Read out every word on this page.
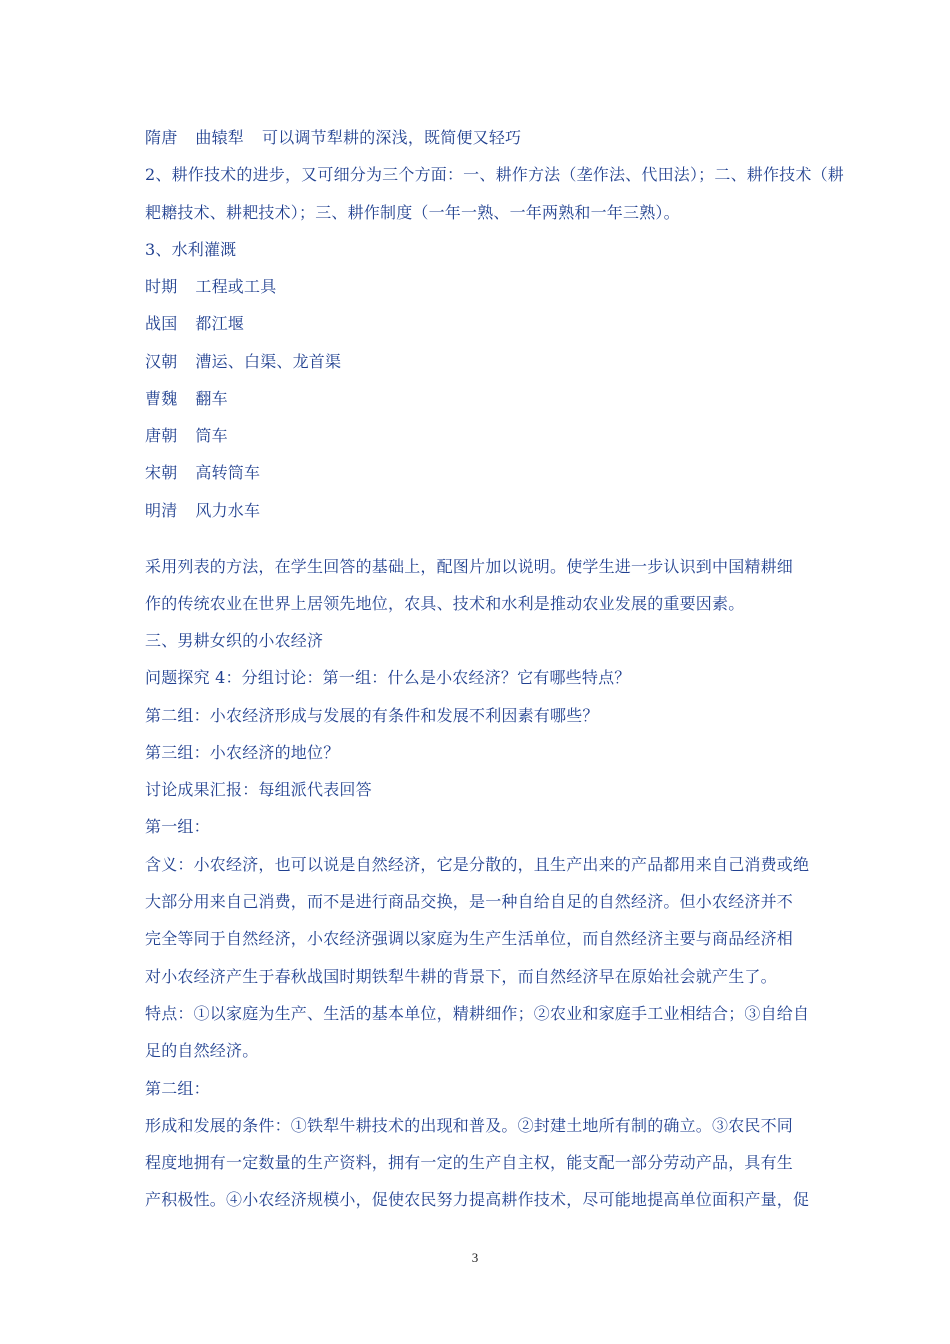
隋唐 曲辕犁 可以调节犁耕的深浅，既简便又轻巧
2、耕作技术的进步，又可细分为三个方面：一、耕作方法（垄作法、代田法）；二、耕作技术（耕
耙耱技术、耕耙技术）；三、耕作制度（一年一熟、一年两熟和一年三熟）。
3、水利灌溉
时期 工程或工具
战国 都江堰
汉朝 漕运、白渠、龙首渠
曹魏 翻车
唐朝 筒车
宋朝 高转筒车
明清 风力水车
采用列表的方法，在学生回答的基础上，配图片加以说明。使学生进一步认识到中国精耕细
作的传统农业在世界上居领先地位，农具、技术和水利是推动农业发展的重要因素。
三、男耕女织的小农经济
问题探究 4：分组讨论：第一组：什么是小农经济？它有哪些特点？
第二组：小农经济形成与发展的有条件和发展不利因素有哪些？
第三组：小农经济的地位？
讨论成果汇报：每组派代表回答
第一组：
含义：小农经济，也可以说是自然经济，它是分散的，且生产出来的产品都用来自己消费或绝
大部分用来自己消费，而不是进行商品交换，是一种自给自足的自然经济。但小农经济并不
完全等同于自然经济，小农经济强调以家庭为生产生活单位，而自然经济主要与商品经济相
对小农经济产生于春秋战国时期铁犁牛耕的背景下，而自然经济早在原始社会就产生了。
特点：①以家庭为生产、生活的基本单位，精耕细作；②农业和家庭手工业相结合；③自给自
足的自然经济。
第二组：
形成和发展的条件：①铁犁牛耕技术的出现和普及。②封建土地所有制的确立。③农民不同
程度地拥有一定数量的生产资料，拥有一定的生产自主权，能支配一部分劳动产品，具有生
产积极性。④小农经济规模小，促使农民努力提高耕作技术，尽可能地提高单位面积产量，促
3
